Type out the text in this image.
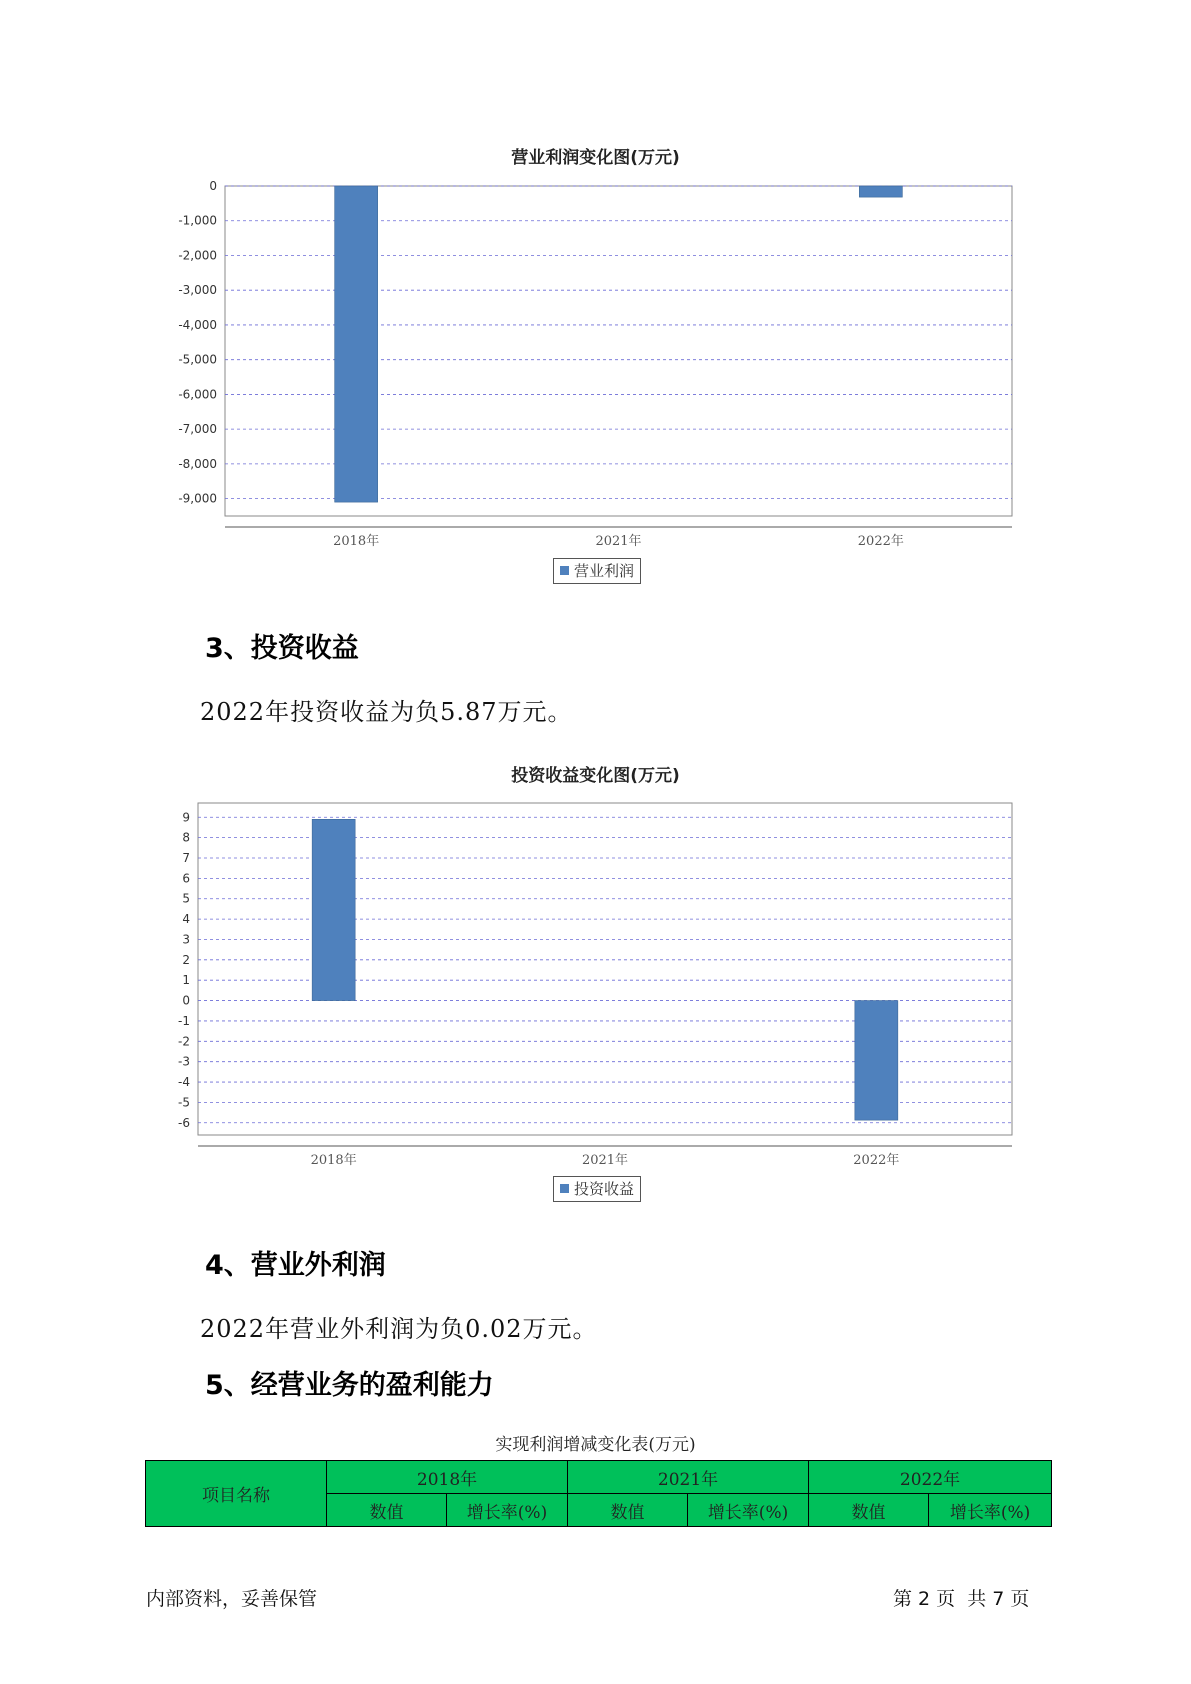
营业利润变化图(万元)
0
-1,000
-2,000
-3,000
-4,000
-5,000
-6,000
-7,000
-8,000
-9,000
2018年	2021年	2022年
营业利润
3、投资收益
2022年投资收益为负5.87万元。
投资收益变化图(万元)
9
8
7
6
5
4
3
2
1
0
-1
-2
-3
-4
-5
-6
2018年	2021年	2022年
投资收益
4、营业外利润
2022年营业外利润为负0.02万元。
5、经营业务的盈利能力
实现利润增减变化表(万元)
项目名称	2018年		2021年		2022年	
	数值	增长率(%)	数值	增长率(%)	数值	增长率(%)
内部资料，妥善保管	第 2 页  共 7 页
